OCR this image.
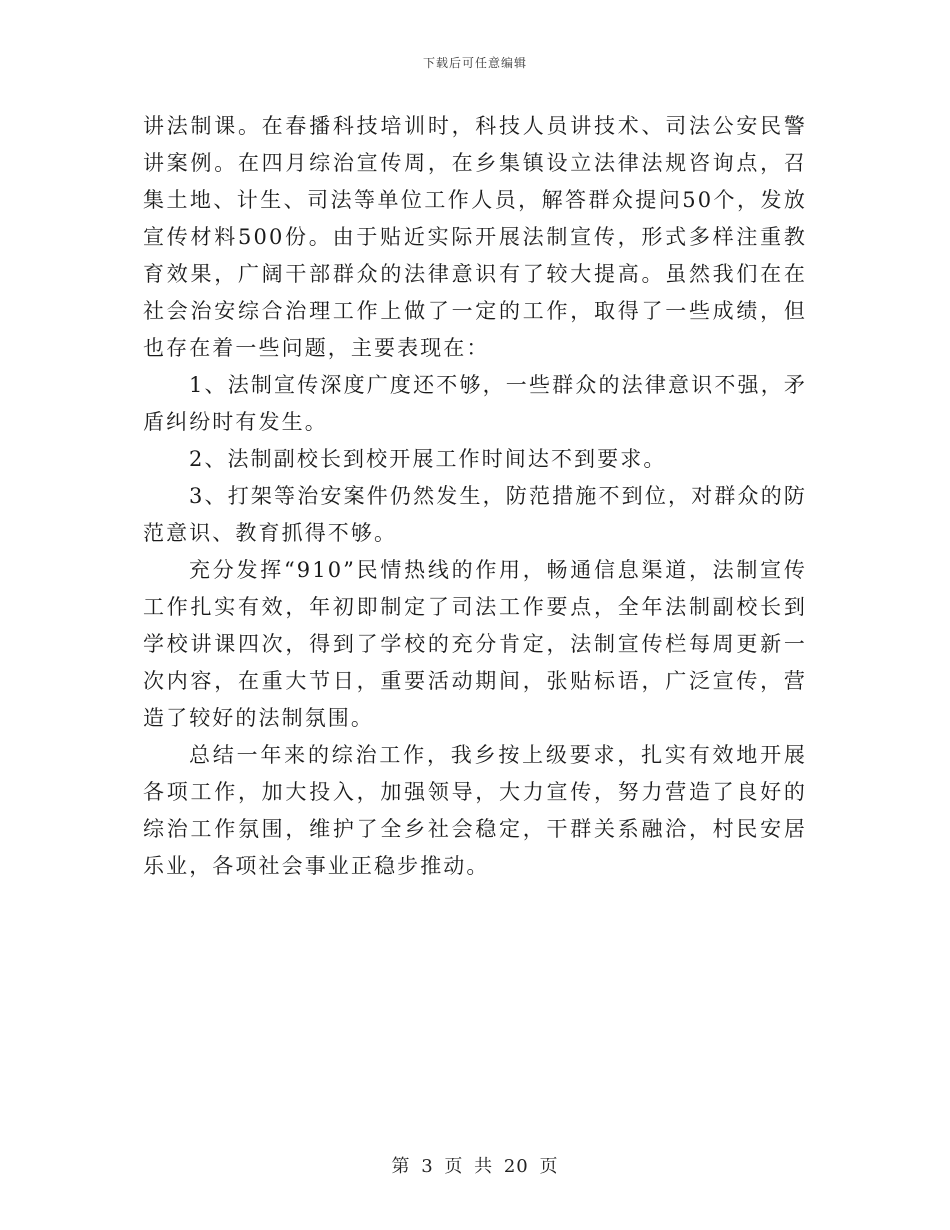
下载后可任意编辑

讲法制课。在春播科技培训时，科技人员讲技术、司法公安民警讲案例。在四月综治宣传周，在乡集镇设立法律法规咨询点，召集土地、计生、司法等单位工作人员，解答群众提问50个，发放宣传材料500份。由于贴近实际开展法制宣传，形式多样注重教育效果，广阔干部群众的法律意识有了较大提高。虽然我们在在社会治安综合治理工作上做了一定的工作，取得了一些成绩，但也存在着一些问题，主要表现在：

1、法制宣传深度广度还不够，一些群众的法律意识不强，矛盾纠纷时有发生。

2、法制副校长到校开展工作时间达不到要求。

3、打架等治安案件仍然发生，防范措施不到位，对群众的防范意识、教育抓得不够。

充分发挥“910”民情热线的作用，畅通信息渠道，法制宣传工作扎实有效，年初即制定了司法工作要点，全年法制副校长到学校讲课四次，得到了学校的充分肯定，法制宣传栏每周更新一次内容，在重大节日，重要活动期间，张贴标语，广泛宣传，营造了较好的法制氛围。

总结一年来的综治工作，我乡按上级要求，扎实有效地开展各项工作，加大投入，加强领导，大力宣传，努力营造了良好的综治工作氛围，维护了全乡社会稳定，干群关系融洽，村民安居乐业，各项社会事业正稳步推动。

第 3 页 共 20 页
